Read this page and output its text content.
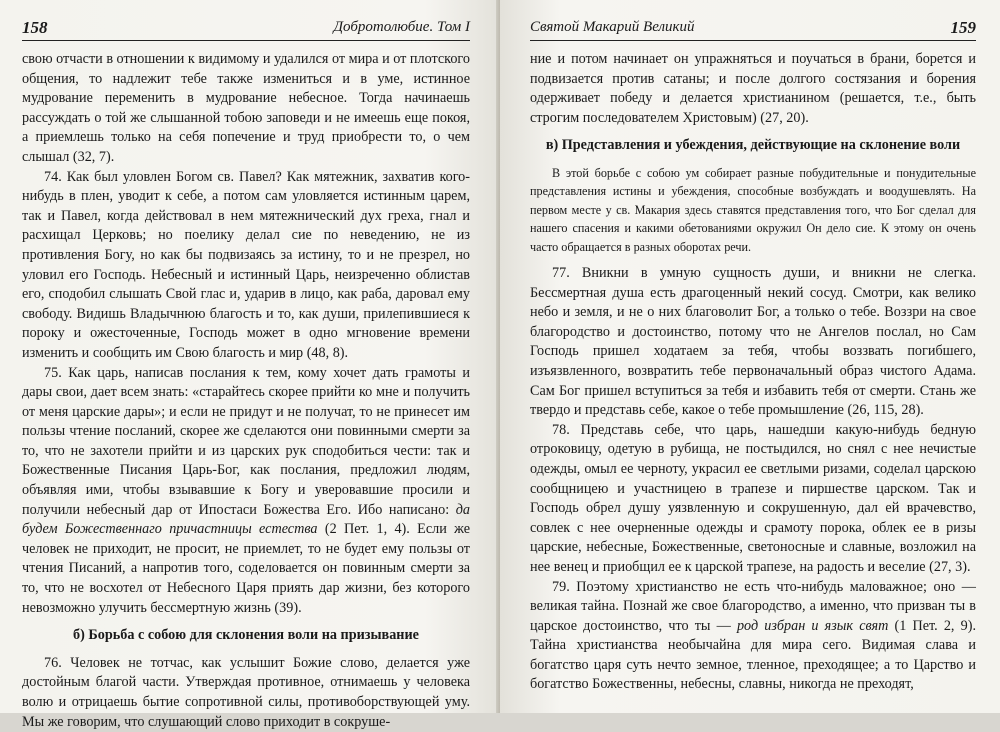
158	Добротолюбие. Том I

свою отчасти в отношении к видимому и удалился от мира и от плотского общения, то надлежит тебе также измениться и в уме, истинное мудрование переменить в мудрование небесное. Тогда начинаешь рассуждать о той же слышанной тобою заповеди и не имеешь еще покоя, а приемлешь только на себя попечение и труд приобрести то, о чем слышал (32, 7).

74. Как был уловлен Богом св. Павел? Как мятежник, захватив кого-нибудь в плен, уводит к себе, а потом сам уловляется истинным царем, так и Павел, когда действовал в нем мятежнический дух греха, гнал и расхищал Церковь; но поелику делал сие по неведению, не из противления Богу, но как бы подвизаясь за истину, то и не презрел, но уловил его Господь. Небесный и истинный Царь, неизреченно облистав его, сподобил слышать Свой глас и, ударив в лицо, как раба, даровал ему свободу. Видишь Владычнюю благость и то, как души, прилепившиеся к пороку и ожесточенные, Господь может в одно мгновение времени изменить и сообщить им Свою благость и мир (48, 8).

75. Как царь, написав послания к тем, кому хочет дать грамоты и дары свои, дает всем знать: «старайтесь скорее прийти ко мне и получить от меня царские дары»; и если не придут и не получат, то не принесет им пользы чтение посланий, скорее же сделаются они повинными смерти за то, что не захотели прийти и из царских рук сподобиться чести: так и Божественные Писания Царь-Бог, как послания, предложил людям, объявляя ими, чтобы взывавшие к Богу и уверовавшие просили и получили небесный дар от Ипостаси Божества Его. Ибо написано: да будем Божественнаго причастницы естества (2 Пет. 1, 4). Если же человек не приходит, не просит, не приемлет, то не будет ему пользы от чтения Писаний, а напротив того, соделовается он повинным смерти за то, что не восхотел от Небесного Царя приять дар жизни, без которого невозможно улучить бессмертную жизнь (39).

б) Борьба с собою для склонения воли на призывание

76. Человек не тотчас, как услышит Божие слово, делается уже достойным благой части. Утверждая противное, отнимаешь у человека волю и отрицаешь бытие сопротивной силы, противоборствующей уму. Мы же говорим, что слушающий слово приходит в сокруше-

Святой Макарий Великий	159

ние и потом начинает он упражняться и поучаться в брани, борется и подвизается против сатаны; и после долгого состязания и борения одерживает победу и делается христианином (решается, т.е., быть строгим последователем Христовым) (27, 20).

в) Представления и убеждения, действующие на склонение воли
В этой борьбе с собою ум собирает разные побудительные и понудительные представления истины и убеждения, способные возбуждать и воодушевлять. На первом месте у св. Макария здесь ставятся представления того, что Бог сделал для нашего спасения и какими обетованиями окружил Он дело сие. К этому он очень часто обращается в разных оборотах речи.

77. Вникни в умную сущность души, и вникни не слегка. Бессмертная душа есть драгоценный некий сосуд. Смотри, как велико небо и земля, и не о них благоволит Бог, а только о тебе. Воззри на свое благородство и достоинство, потому что не Ангелов послал, но Сам Господь пришел ходатаем за тебя, чтобы воззвать погибшего, изъязвленного, возвратить тебе первоначальный образ чистого Адама. Сам Бог пришел вступиться за тебя и избавить тебя от смерти. Стань же твердо и представь себе, какое о тебе промышление (26, 115, 28).

78. Представь себе, что царь, нашедши какую-нибудь бедную отроковицу, одетую в рубища, не постыдился, но снял с нее нечистые одежды, омыл ее черноту, украсил ее светлыми ризами, соделал царскою сообщницею и участницею в трапезе и пиршестве царском. Так и Господь обрел душу уязвленную и сокрушенную, дал ей врачевство, совлек с нее очерненные одежды и срамоту порока, облек ее в ризы царские, небесные, Божественные, светоносные и славные, возложил на нее венец и приобщил ее к царской трапезе, на радость и веселие (27, 3).

79. Поэтому христианство не есть что-нибудь маловажное; оно — великая тайна. Познай же свое благородство, а именно, что призван ты в царское достоинство, что ты — род избран и язык свят (1 Пет. 2, 9). Тайна христианства необычайна для мира сего. Видимая слава и богатство царя суть нечто земное, тленное, преходящее; а то Царство и богатство Божественны, небесны, славны, никогда не преходят,
